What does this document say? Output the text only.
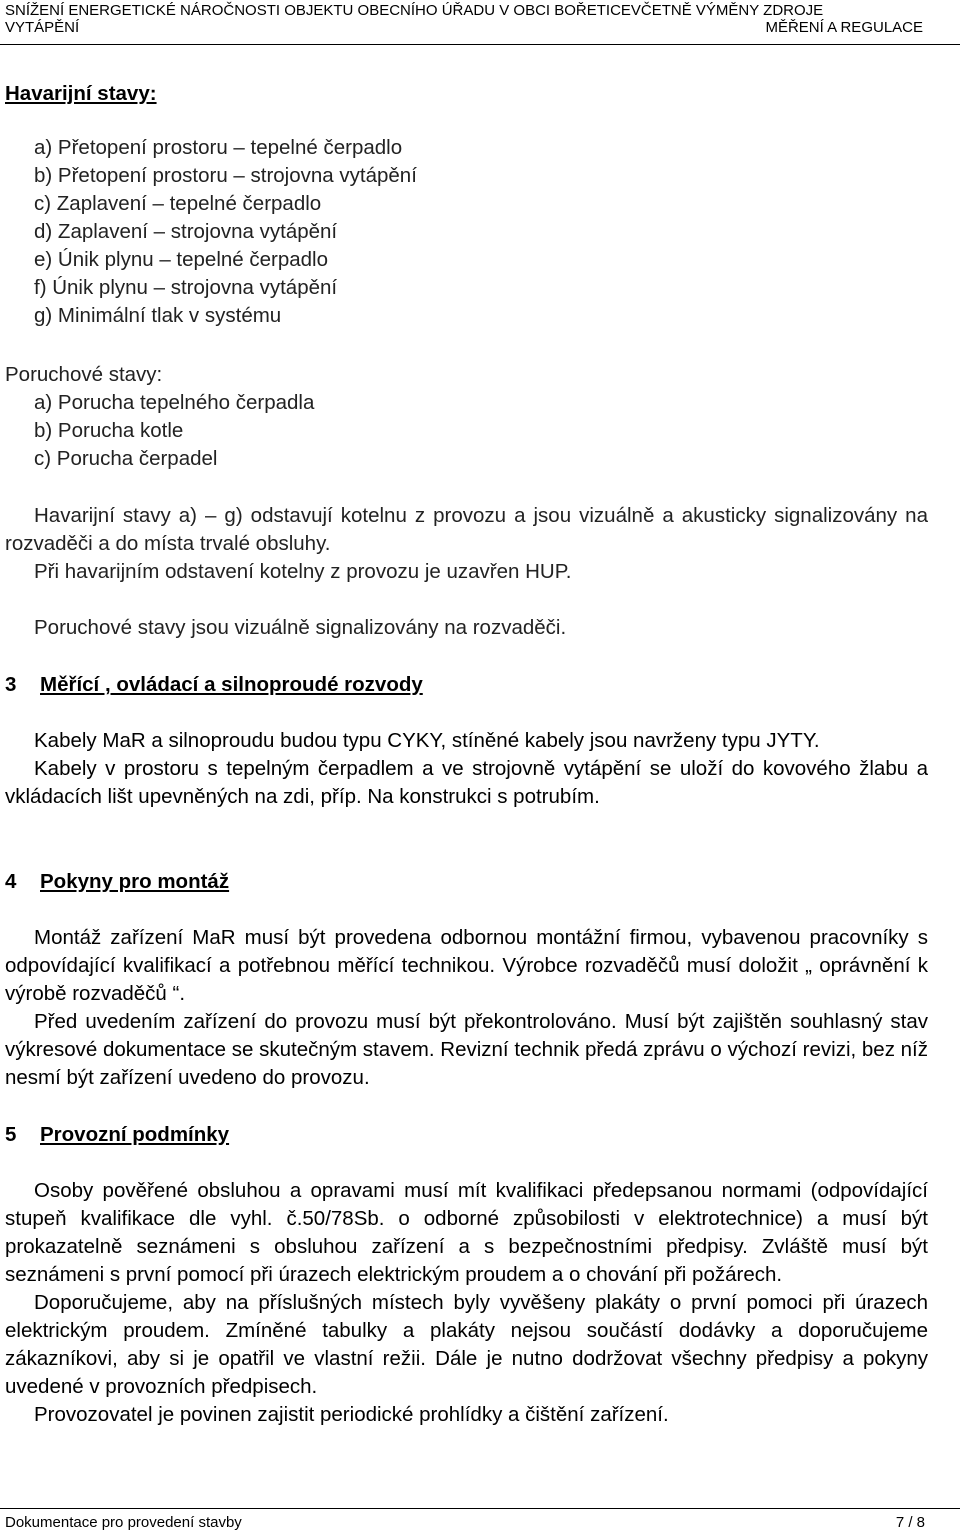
SNÍŽENÍ ENERGETICKÉ NÁROČNOSTI OBJEKTU OBECNÍHO ÚŘADU V OBCI BOŘETICEVČETNĚ VÝMĚNY ZDROJE
VYTÁPĚNÍ	MĚŘENÍ A REGULACE
Havarijní stavy:
a) Přetopení prostoru – tepelné čerpadlo
b) Přetopení prostoru – strojovna vytápění
c) Zaplavení – tepelné čerpadlo
d) Zaplavení – strojovna vytápění
e) Únik plynu – tepelné čerpadlo
f) Únik plynu – strojovna vytápění
g) Minimální tlak v systému
Poruchové stavy:
a) Porucha tepelného čerpadla
b) Porucha kotle
c) Porucha čerpadel

Havarijní stavy a) – g) odstavují kotelnu z provozu a jsou vizuálně a akusticky signalizovány na rozvaděči a do místa trvalé obsluhy.

Při havarijním odstavení kotelny z provozu je uzavřen HUP.

Poruchové stavy jsou vizuálně signalizovány na rozvaděči.
3 Měřící , ovládací a silnoproudé rozvody

Kabely MaR a silnoproudu budou typu CYKY, stíněné kabely jsou navrženy typu JYTY.

Kabely v prostoru s tepelným čerpadlem a ve strojovně vytápění se uloží do kovového žlabu a vkládacích lišt upevněných na zdi, příp. Na konstrukci s potrubím.

4 Pokyny pro montáž

Montáž zařízení MaR musí být provedena odbornou montážní firmou, vybavenou pracovníky s odpovídající kvalifikací a potřebnou měřící technikou. Výrobce rozvaděčů musí doložit „ oprávnění k výrobě rozvaděčů “.

Před uvedením zařízení do provozu musí být překontrolováno. Musí být zajištěn souhlasný stav výkresové dokumentace se skutečným stavem. Revizní technik předá zprávu o výchozí revizi, bez níž nesmí být zařízení uvedeno do provozu.

5 Provozní podmínky

Osoby pověřené obsluhou a opravami musí mít kvalifikaci předepsanou normami (odpovídající stupeň kvalifikace dle vyhl. č.50/78Sb. o odborné způsobilosti v elektrotechnice) a musí být prokazatelně seznámeni s obsluhou zařízení a s bezpečnostními předpisy. Zvláště musí být seznámeni s první pomocí při úrazech elektrickým proudem a o chování při požárech.

Doporučujeme, aby na příslušných místech byly vyvěšeny plakáty o první pomoci při úrazech elektrickým proudem. Zmíněné tabulky a plakáty nejsou součástí dodávky a doporučujeme zákazníkovi, aby si je opatřil ve vlastní režii. Dále je nutno dodržovat všechny předpisy a pokyny uvedené v provozních předpisech.

Provozovatel je povinen zajistit periodické prohlídky a čištění zařízení.

Dokumentace pro provedení stavby	7 / 8
